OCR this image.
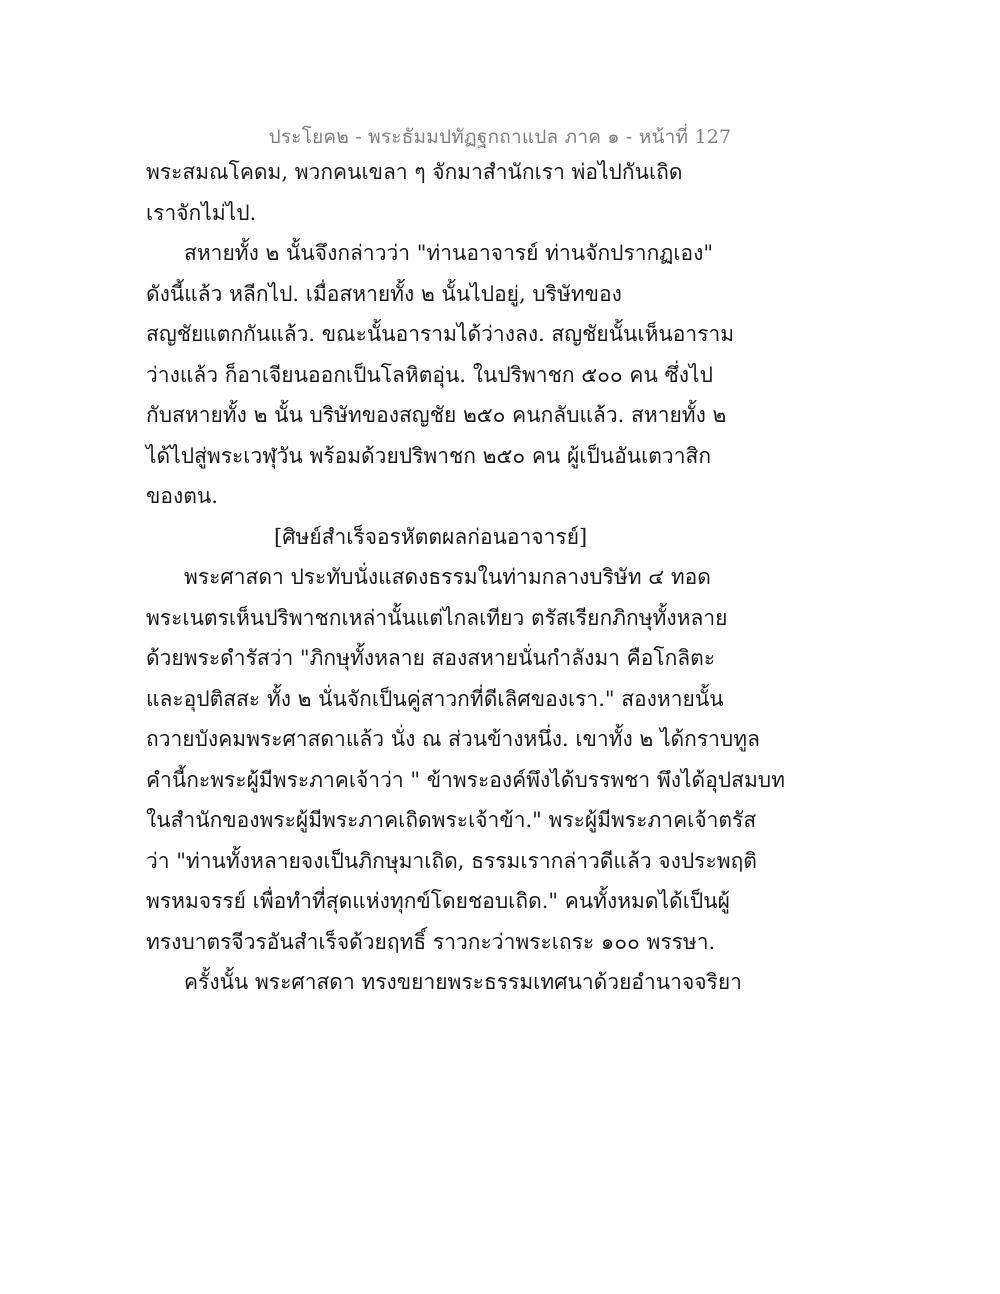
ประโยค๒ - พระธัมมปทัฏฐกถาแปล ภาค ๑ - หน้าที่ 127
พระสมณโคดม, พวกคนเขลา ๆ จักมาสำนักเรา พ่อไปกันเถิด
เราจักไม่ไป.
สหายทั้ง ๒ นั้นจึงกล่าวว่า "ท่านอาจารย์ ท่านจักปรากฏเอง"
ดังนี้แล้ว หลีกไป. เมื่อสหายทั้ง ๒ นั้นไปอยู่, บริษัทของ
สญชัยแตกกันแล้ว. ขณะนั้นอารามได้ว่างลง. สญชัยนั้นเห็นอาราม
ว่างแล้ว ก็อาเจียนออกเป็นโลหิตอุ่น. ในปริพาชก ๕๐๐ คน ซึ่งไป
กับสหายทั้ง ๒ นั้น บริษัทของสญชัย ๒๕๐ คนกลับแล้ว. สหายทั้ง ๒
ได้ไปสู่พระเวฬุวัน พร้อมด้วยปริพาชก ๒๕๐ คน ผู้เป็นอันเตวาสิก
ของตน.
[ศิษย์สำเร็จอรหัตตผลก่อนอาจารย์]
พระศาสดา ประทับนั่งแสดงธรรมในท่ามกลางบริษัท ๔ ทอด
พระเนตรเห็นปริพาชกเหล่านั้นแต่ไกลเทียว ตรัสเรียกภิกษุทั้งหลาย
ด้วยพระดำรัสว่า "ภิกษุทั้งหลาย สองสหายนั่นกำลังมา คือโกลิตะ
และอุปติสสะ ทั้ง ๒ นั่นจักเป็นคู่สาวกที่ดีเลิศของเรา." สองหายนั้น
ถวายบังคมพระศาสดาแล้ว นั่ง ณ ส่วนข้างหนึ่ง. เขาทั้ง ๒ ได้กราบทูล
คำนี้กะพระผู้มีพระภาคเจ้าว่า " ข้าพระองค์พึงได้บรรพชา พึงได้อุปสมบท
ในสำนักของพระผู้มีพระภาคเถิดพระเจ้าข้า." พระผู้มีพระภาคเจ้าตรัส
ว่า "ท่านทั้งหลายจงเป็นภิกษุมาเถิด, ธรรมเรากล่าวดีแล้ว จงประพฤติ
พรหมจรรย์ เพื่อทำที่สุดแห่งทุกข์โดยชอบเถิด." คนทั้งหมดได้เป็นผู้
ทรงบาตรจีวรอันสำเร็จด้วยฤทธิ์ ราวกะว่าพระเถระ ๑๐๐ พรรษา.
ครั้งนั้น พระศาสดา ทรงขยายพระธรรมเทศนาด้วยอำนาจจริยา
